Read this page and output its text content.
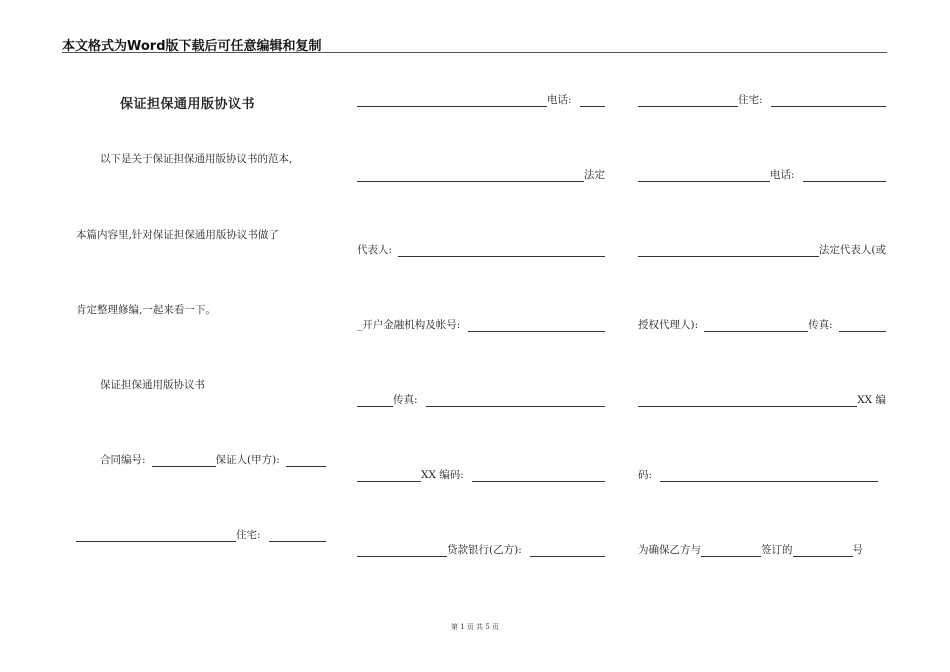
本文格式为Word版下载后可任意编辑和复制
保证担保通用版协议书
以下是关于保证担保通用版协议书的范本,
本篇内容里,针对保证担保通用版协议书做了
肯定整理修编,一起来看一下。
保证担保通用版协议书
合同编号:	保证人(甲方):
住宅:
电话:
法定
代表人:
_开户金融机构及帐号:
传真:
XX 编码:
贷款银行(乙方):
住宅:
电话:
法定代表人(或
授权代理人):	传真:
XX 编
码:
为确保乙方与	签订的	号
第 1 页 共 5 页
